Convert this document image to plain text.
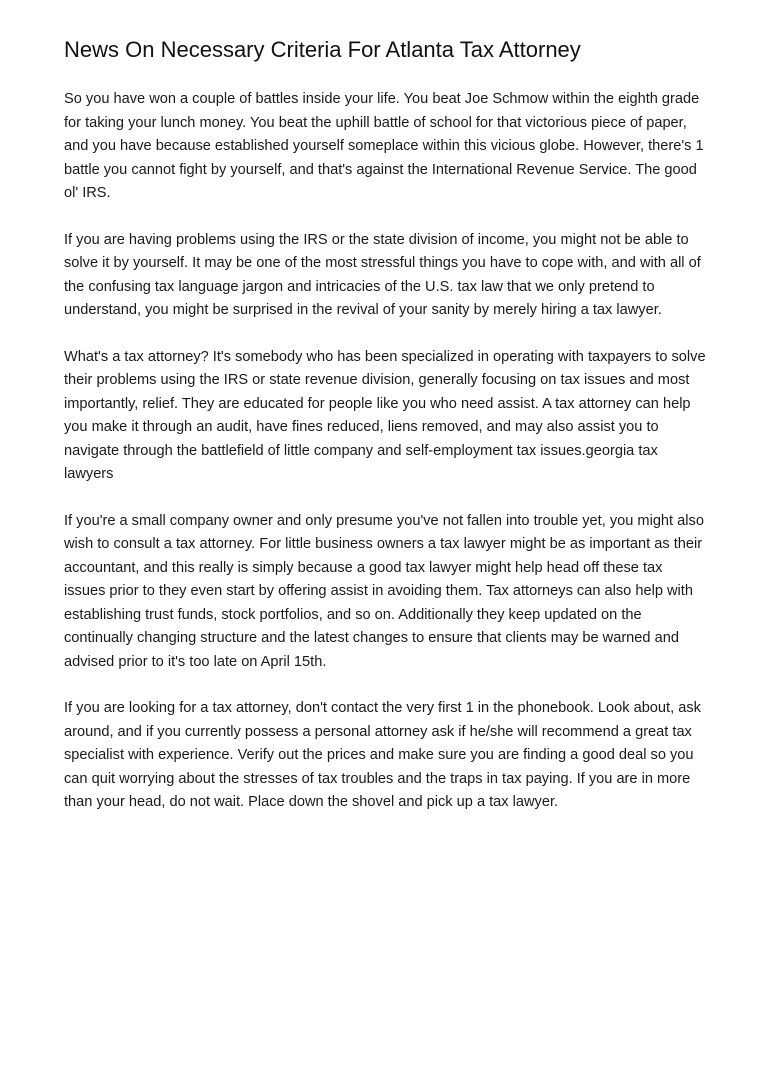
News On Necessary Criteria For Atlanta Tax Attorney

So you have won a couple of battles inside your life. You beat Joe Schmow within the eighth grade for taking your lunch money. You beat the uphill battle of school for that victorious piece of paper, and you have because established yourself someplace within this vicious globe. However, there's 1 battle you cannot fight by yourself, and that's against the International Revenue Service. The good ol' IRS.

If you are having problems using the IRS or the state division of income, you might not be able to solve it by yourself. It may be one of the most stressful things you have to cope with, and with all of the confusing tax language jargon and intricacies of the U.S. tax law that we only pretend to understand, you might be surprised in the revival of your sanity by merely hiring a tax lawyer.

What's a tax attorney? It's somebody who has been specialized in operating with taxpayers to solve their problems using the IRS or state revenue division, generally focusing on tax issues and most importantly, relief. They are educated for people like you who need assist. A tax attorney can help you make it through an audit, have fines reduced, liens removed, and may also assist you to navigate through the battlefield of little company and self-employment tax issues.georgia tax lawyers

If you're a small company owner and only presume you've not fallen into trouble yet, you might also wish to consult a tax attorney. For little business owners a tax lawyer might be as important as their accountant, and this really is simply because a good tax lawyer might help head off these tax issues prior to they even start by offering assist in avoiding them. Tax attorneys can also help with establishing trust funds, stock portfolios, and so on. Additionally they keep updated on the continually changing structure and the latest changes to ensure that clients may be warned and advised prior to it's too late on April 15th.

If you are looking for a tax attorney, don't contact the very first 1 in the phonebook. Look about, ask around, and if you currently possess a personal attorney ask if he/she will recommend a great tax specialist with experience. Verify out the prices and make sure you are finding a good deal so you can quit worrying about the stresses of tax troubles and the traps in tax paying. If you are in more than your head, do not wait. Place down the shovel and pick up a tax lawyer.
